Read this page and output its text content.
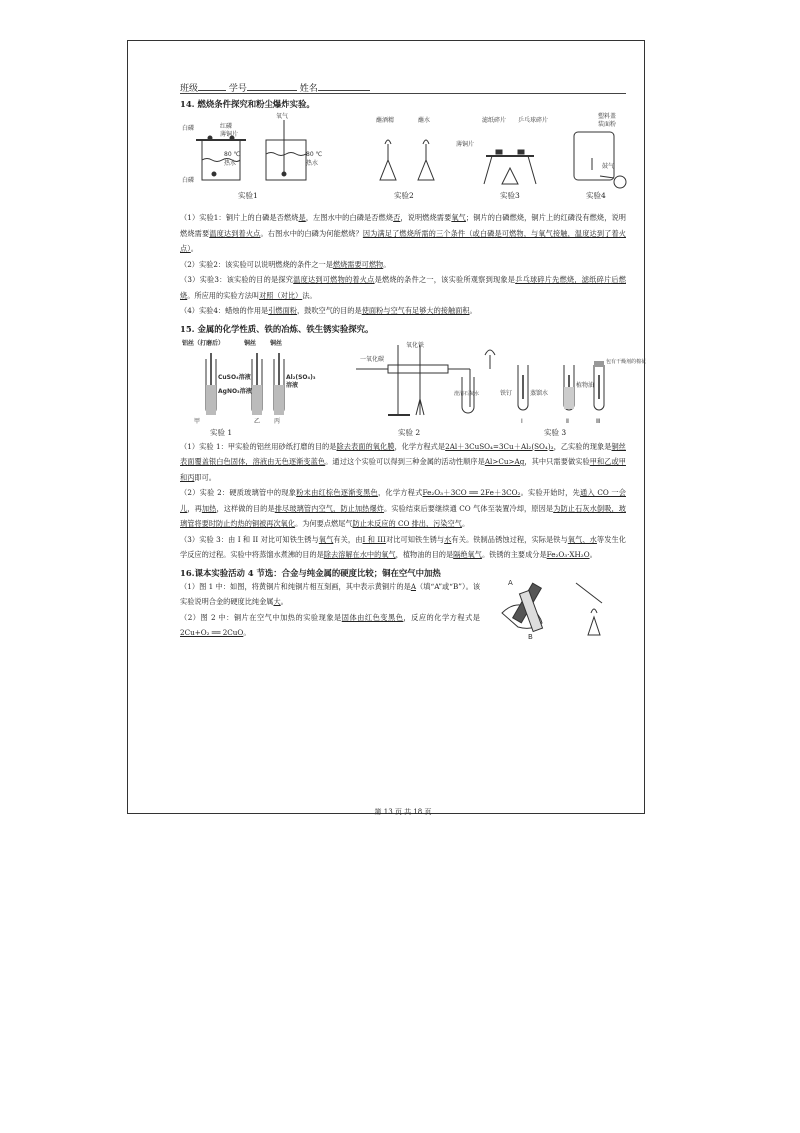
班级	学号	姓名
14. 燃烧条件探究和粉尘爆炸实验。
白磷	红磷
薄铜片
80 ℃
热水
白磷
氧气
80 ℃
热水
蘸酒精	蘸水	滤纸碎片 乒乓球碎片
薄铜片
塑料盖
装面粉
鼓气
实验1	实验2	实验3	实验4

（1）实验1：铜片上的白磷是否燃烧是，左图水中的白磷是否燃烧否，说明燃烧需要氧气；铜片的白磷燃烧，铜片上的红磷没有燃烧，说明燃烧需要温度达到着火点。右图水中的白磷为何能燃烧？因为满足了燃烧所需的三个条件（或白磷是可燃物，与氧气接触，温度达到了着火点）。

（2）实验2：该实验可以说明燃烧的条件之一是燃烧需要可燃物。

（3）实验3：该实验的目的是探究温度达到可燃物的着火点是燃烧的条件之一，该实验所观察到现象是乒乓球碎片先燃烧，滤纸碎片后燃烧。所应用的实验方法叫对照（对比）法。

（4）实验4：蜡烛的作用是引燃面粉，鼓吹空气的目的是使面粉与空气有足够大的接触面积。

15. 金属的化学性质、铁的冶炼、铁生锈实验探究。
铝丝（打磨后）	铜丝 铜丝
CuSO₄溶液
AgNO₃溶液
Al₂(SO₄)₃
溶液
甲	乙 丙
一氧化碳
氧化铁
澄清石灰水	铁钉	蒸馏水
植物油
包有干燥剂的棉花
Ⅰ	Ⅱ	Ⅲ
实验 1	实验 2	实验 3

（1）实验 1：甲实验的铝丝用砂纸打磨的目的是除去表面的氧化膜，化学方程式是2Al＋3CuSO₄=3Cu＋Al₂(SO₄)₃，乙实验的现象是铜丝表面覆盖银白色固体，溶液由无色逐渐变蓝色。通过这个实验可以得到三种金属的活动性顺序是Al>Cu>Ag，其中只需要做实验甲和乙或甲和丙即可。

（2）实验 2：硬质玻璃管中的现象粉末由红棕色逐渐变黑色，化学方程式Fe₂O₃＋3CO ══ 2Fe＋3CO₂。实验开始时，先通入 CO 一会儿，再加热，这样做的目的是排尽玻璃管内空气，防止加热爆炸。实验结束后要继续通 CO 气体至装置冷却，原因是为防止石灰水倒吸，玻璃管将要时防止灼热的铜被再次氧化。为何要点燃尾气防止未反应的 CO 排出，污染空气。

（3）实验 3：由 I 和 II 对比可知铁生锈与氧气有关，由I 和 III对比可知铁生锈与水有关。铁制品锈蚀过程，实际是铁与氧气、水等发生化学反应的过程。实验中将蒸馏水煮沸的目的是除去溶解在水中的氧气，植物油的目的是隔绝氧气。铁锈的主要成分是Fe₂O₃·XH₂O。

16.课本实验活动 4 节选：合金与纯金属的硬度比较；铜在空气中加热

（1）图 1 中：如图，将黄铜片和纯铜片相互刻画，其中表示黄铜片的是A（填“A”或“B”）。该实验说明合金的硬度比纯金属大。

（2）图 2 中：铜片在空气中加热的实验现象是固体由红色变黑色，反应的化学方程式是2Cu+O₂ ══ 2CuO。

A
B
第 13 页 共 18 页
